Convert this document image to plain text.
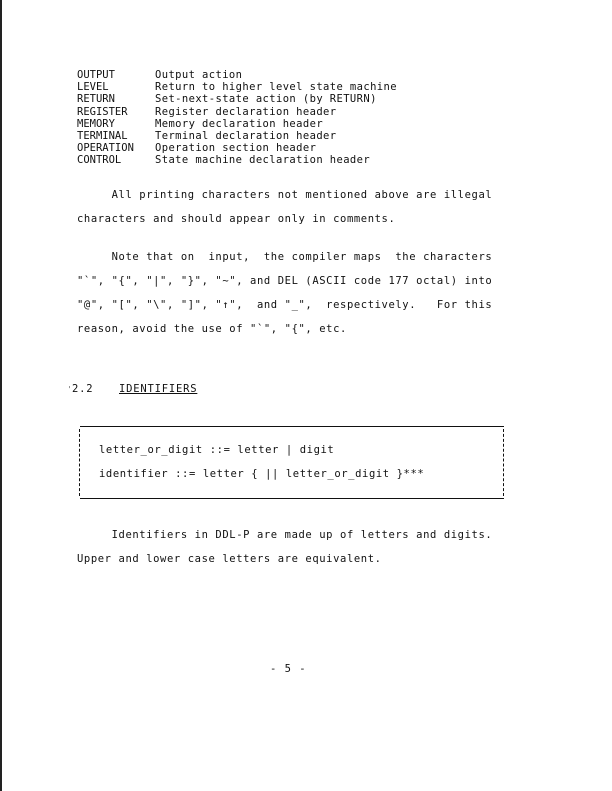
OUTPUT	Output action
LEVEL	Return to higher level state machine
RETURN	Set-next-state action (by RETURN)
REGISTER	Register declaration header
MEMORY	Memory declaration header
TERMINAL	Terminal declaration header
OPERATION	Operation section header
CONTROL	State machine declaration header

All printing characters not mentioned above are illegal

characters and should appear only in comments.

Note that on  input,  the compiler maps  the characters

"`", "{", "|", "}", "~", and DEL (ASCII code 177 octal) into

"@", "[", "\", "]", "↑",  and "_",  respectively.   For this

reason, avoid the use of "`", "{", etc.

' 2.2 IDENTIFIERS
letter_or_digit ::= letter | digit
identifier ::= letter { || letter_or_digit }***

Identifiers in DDL-P are made up of letters and digits.

Upper and lower case letters are equivalent.

- 5 -
